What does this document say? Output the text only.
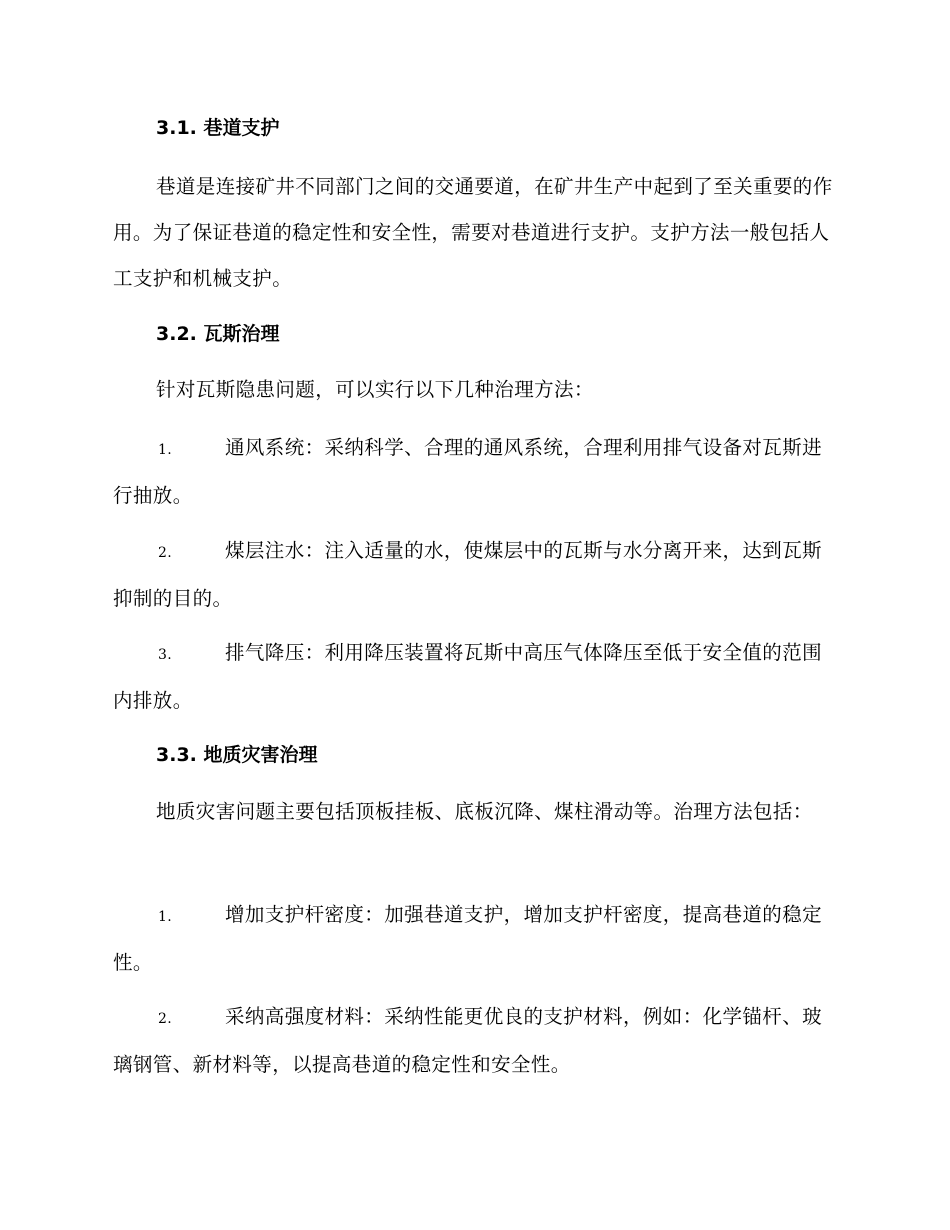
3.1. 巷道支护
巷道是连接矿井不同部门之间的交通要道，在矿井生产中起到了至关重要的作用。为了保证巷道的稳定性和安全性，需要对巷道进行支护。支护方法一般包括人工支护和机械支护。
3.2. 瓦斯治理
针对瓦斯隐患问题，可以实行以下几种治理方法：
1.	通风系统：采纳科学、合理的通风系统，合理利用排气设备对瓦斯进行抽放。
2.	煤层注水：注入适量的水，使煤层中的瓦斯与水分离开来，达到瓦斯抑制的目的。
3.	排气降压：利用降压装置将瓦斯中高压气体降压至低于安全值的范围内排放。
3.3. 地质灾害治理
地质灾害问题主要包括顶板挂板、底板沉降、煤柱滑动等。治理方法包括：
1.	增加支护杆密度：加强巷道支护，增加支护杆密度，提高巷道的稳定性。
2.	采纳高强度材料：采纳性能更优良的支护材料，例如：化学锚杆、玻璃钢管、新材料等，以提高巷道的稳定性和安全性。
